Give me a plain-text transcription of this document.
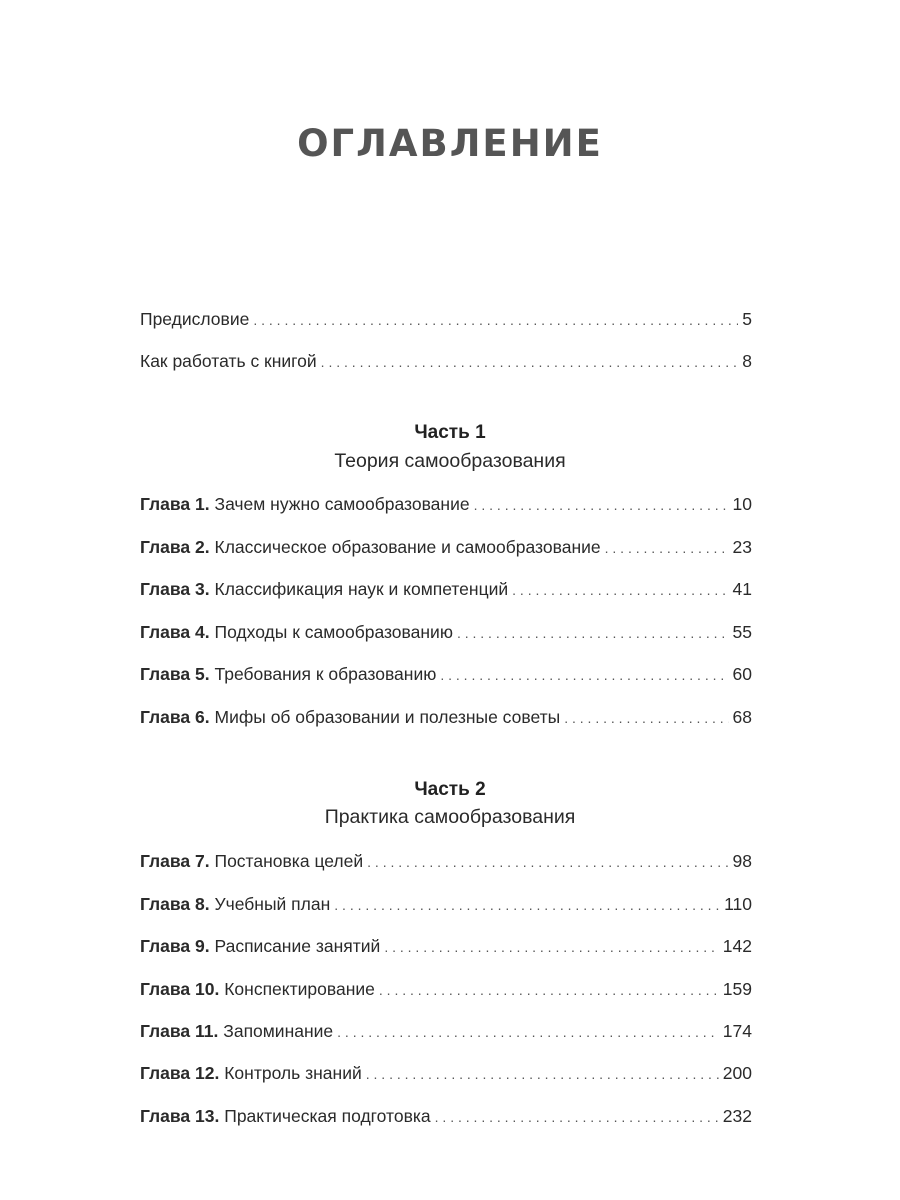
ОГЛАВЛЕНИЕ
Предисловие . . .	5
Как работать с книгой . . .	8
Часть 1
Теория самообразования
Глава 1. Зачем нужно самообразование . . .	10
Глава 2. Классическое образование и самообразование . . .	23
Глава 3. Классификация наук и компетенций . . .	41
Глава 4. Подходы к самообразованию . . .	55
Глава 5. Требования к образованию . . .	60
Глава 6. Мифы об образовании и полезные советы . . .	68
Часть 2
Практика самообразования
Глава 7. Постановка целей . . .	98
Глава 8. Учебный план . . .	110
Глава 9. Расписание занятий . . .	142
Глава 10. Конспектирование . . .	159
Глава 11. Запоминание . . .	174
Глава 12. Контроль знаний . . .	200
Глава 13. Практическая подготовка . . .	232
